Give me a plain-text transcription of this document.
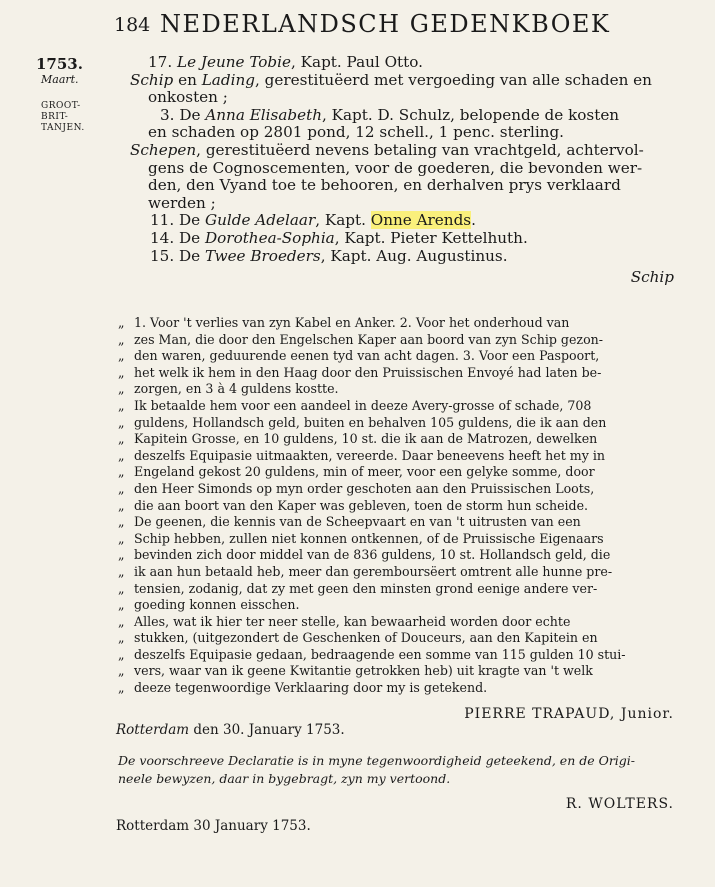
184 NEDERLANDSCH GEDENKBOEK
1753.
Maart.
GROOT-
BRIT-
TANJEN.
17. Le Jeune Tobie, Kapt. Paul Otto.
Schip en Lading, gerestituëerd met vergoeding van alle schaden en
onkosten ;
3. De Anna Elisabeth, Kapt. D. Schulz, belopende de kosten
en schaden op 2801 pond, 12 schell., 1 penc. sterling.
Schepen, gerestituëerd nevens betaling van vrachtgeld, achtervol-
gens de Cognoscementen, voor de goederen, die bevonden wer-
den, den Vyand toe te behooren, en derhalven prys verklaard
werden ;
11. De Gulde Adelaar, Kapt. Onne Arends.
14. De Dorothea-Sophia, Kapt. Pieter Kettelhuth.
15. De Twee Broeders, Kapt. Aug. Augustinus.
Schip
„ 1. Voor 't verlies van zyn Kabel en Anker. 2. Voor het onderhoud van
„ zes Man, die door den Engelschen Kaper aan boord van zyn Schip gezon-
„ den waren, geduurende eenen tyd van acht dagen. 3. Voor een Paspoort,
„ het welk ik hem in den Haag door den Pruissischen Envoyé had laten be-
„ zorgen, en 3 à 4 guldens kostte.
„ Ik betaalde hem voor een aandeel in deeze Avery-grosse of schade, 708
„ guldens, Hollandsch geld, buiten en behalven 105 guldens, die ik aan den
„ Kapitein Grosse, en 10 guldens, 10 st. die ik aan de Matrozen, dewelken
„ deszelfs Equipasie uitmaakten, vereerde. Daar beneevens heeft het my in
„ Engeland gekost 20 guldens, min of meer, voor een gelyke somme, door
„ den Heer Simonds op myn order geschoten aan den Pruissischen Loots,
„ die aan boort van den Kaper was gebleven, toen de storm hun scheide.
„ De geenen, die kennis van de Scheepvaart en van 't uitrusten van een
„ Schip hebben, zullen niet konnen ontkennen, of de Pruissische Eigenaars
„ bevinden zich door middel van de 836 guldens, 10 st. Hollandsch geld, die
„ ik aan hun betaald heb, meer dan geremboursëert omtrent alle hunne pre-
„ tensien, zodanig, dat zy met geen den minsten grond eenige andere ver-
„ goeding konnen eisschen.
„ Alles, wat ik hier ter neer stelle, kan bewaarheid worden door echte
„ stukken, (uitgezondert de Geschenken of Douceurs, aan den Kapitein en
„ deszelfs Equipasie gedaan, bedraagende een somme van 115 gulden 10 stui-
„ vers, waar van ik geene Kwitantie getrokken heb) uit kragte van 't welk
„ deeze tegenwoordige Verklaaring door my is getekend.
PIERRE TRAPAUD, Junior.
Rotterdam den 30. January 1753.
De voorschreeve Declaratie is in myne tegenwoordigheid geteekend, en de Origi-
neele bewyzen, daar in bygebragt, zyn my vertoond.
R. WOLTERS.
Rotterdam 30 January 1753.
